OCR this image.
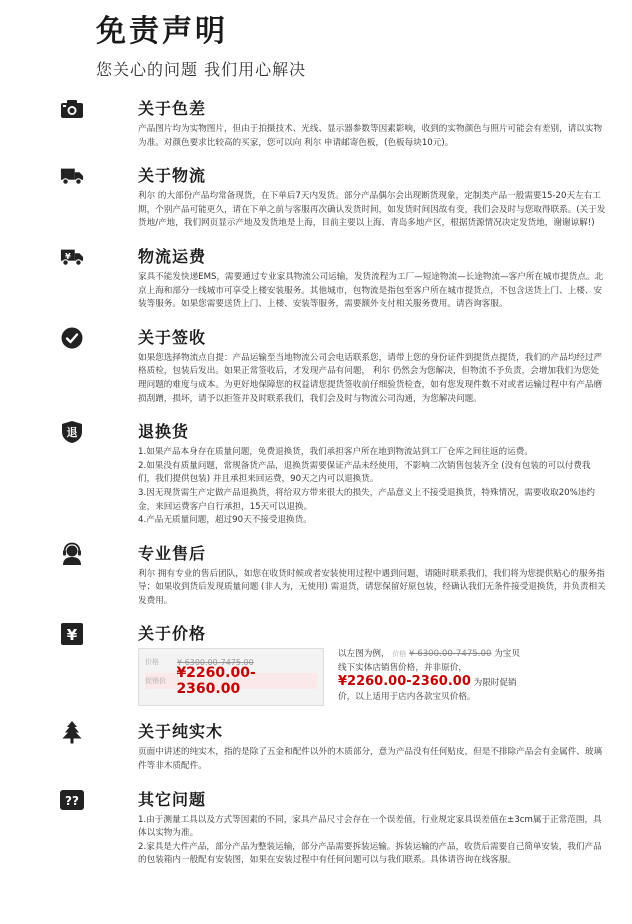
免责声明
您关心的问题 我们用心解决
关于色差

产品图片均为实物图片，但由于拍摄技术、光线、显示器参数等因素影响，收到的实物颜色与照片可能会有差别，请以实物为准。对颜色要求比较高的买家，您可以向 利尔 申请邮寄色板，(色板每块10元)。

关于物流

利尔 的大部份产品均常备现货，在下单后7天内发货。部分产品偶尔会出现断货现象，定制类产品一般需要15-20天左右工期，个别产品可能更久，请在下单之前与客服再次确认发货时间，如发货时间因故有变，我们会及时与您取得联系。(关于发货地/产地，我们网页显示产地及发货地是上海，目前主要以上海、青岛多地产区，根据货源情况决定发货地，谢谢谅解!)

¥	物流运费

家具不能发快递EMS，需要通过专业家具物流公司运输，发货流程为工厂—短途物流—长途物流—客户所在城市提货点。北京上海和部分一线城市可享受上楼安装服务。其他城市，包物流是指包至客户所在城市提货点，不包含送货上门、上楼、安装等服务。如果您需要送货上门、上楼、安装等服务，需要额外支付相关服务费用。请咨询客服。

关于签收

如果您选择物流点自提：产品运输至当地物流公司会电话联系您，请带上您的身份证件到提货点提货，我们的产品均经过严格质检，包装后发出。如果正常签收后，才发现产品有问题， 利尔 仍然会为您解决，但物流不予负责，会增加我们为您处理问题的难度与成本。为更好地保障您的权益请您提货签收前仔细验货检查，如有您发现件数不对或者运输过程中有产品磨损刮蹭，损坏，请予以拒签并及时联系我们，我们会及时与物流公司沟通，为您解决问题。

退	退换货

1.如果产品本身存在质量问题，免费退换货，我们承担客户所在地到物流站到工厂仓库之间往返的运费。

2.如果没有质量问题，常规备货产品，退换货需要保证产品未经使用，不影响二次销售包装齐全 (没有包装的可以付费我们，我们提供包装) 并且承担来回运费，90天之内可以退换货。

3.因无现货需生产定做产品退换货，将给双方带来很大的损失，产品意义上不接受退换货，特殊情况，需要收取20%违约金，来回运费客户自行承担，15天可以退换。

4.产品无质量问题，超过90天不接受退换货。

专业售后

利尔 拥有专业的售后团队，如您在收货时候或者安装使用过程中遇到问题，请随时联系我们，我们将为您提供贴心的服务指导；如果收到货后发现质量问题 (非人为，无使用) 需退货，请您保留好原包装，经确认我们无条件接受退换货，并负责相关发费用。

¥	关于价格
价格	¥ 6300.00-7475.00
促销价 ¥2260.00-2360.00
以左图为例， 价格 ¥ 6300.00-7475.00 为宝贝线下实体店销售价格，并非原价， ¥2260.00-2360.00 为限时促销价，以上适用于店内各款宝贝价格。
关于纯实木

页面中讲述的纯实木，指的是除了五金和配件以外的木质部分，意为产品没有任何贴皮，但是不排除产品会有金属件、玻璃件等非木质配件。

??	其它问题

1.由于测量工具以及方式等因素的不同，家具产品尺寸会存在一个误差值，行业规定家具误差值在±3cm属于正常范围，具体以实物为准。

2.家具是大件产品，部分产品为整装运输，部分产品需要拆装运输。拆装运输的产品，收货后需要自己简单安装，我们产品的包装箱内一般配有安装图，如果在安装过程中有任何问题可以与我们联系。具体请咨询在线客服。
